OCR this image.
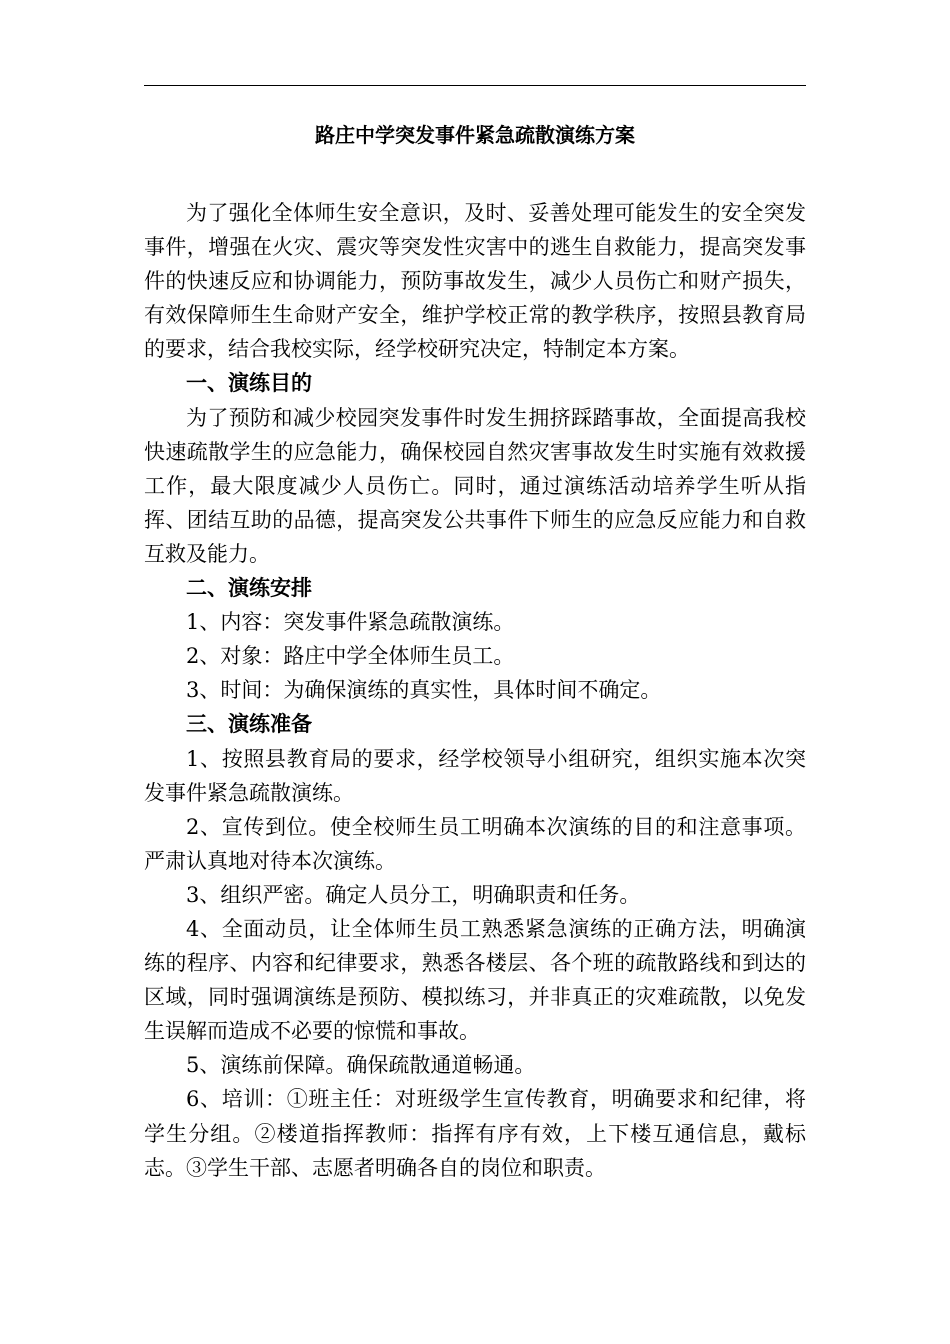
路庄中学突发事件紧急疏散演练方案

为了强化全体师生安全意识，及时、妥善处理可能发生的安全突发事件，增强在火灾、震灾等突发性灾害中的逃生自救能力，提高突发事件的快速反应和协调能力，预防事故发生，减少人员伤亡和财产损失，有效保障师生生命财产安全，维护学校正常的教学秩序，按照县教育局的要求，结合我校实际，经学校研究决定，特制定本方案。

一、演练目的

为了预防和减少校园突发事件时发生拥挤踩踏事故，全面提高我校快速疏散学生的应急能力，确保校园自然灾害事故发生时实施有效救援工作，最大限度减少人员伤亡。同时，通过演练活动培养学生听从指挥、团结互助的品德，提高突发公共事件下师生的应急反应能力和自救互救及能力。

二、演练安排

1、内容：突发事件紧急疏散演练。

2、对象：路庄中学全体师生员工。

3、时间：为确保演练的真实性，具体时间不确定。

三、演练准备

1、按照县教育局的要求，经学校领导小组研究，组织实施本次突发事件紧急疏散演练。

2、宣传到位。使全校师生员工明确本次演练的目的和注意事项。严肃认真地对待本次演练。

3、组织严密。确定人员分工，明确职责和任务。

4、全面动员，让全体师生员工熟悉紧急演练的正确方法，明确演练的程序、内容和纪律要求，熟悉各楼层、各个班的疏散路线和到达的区域，同时强调演练是预防、模拟练习，并非真正的灾难疏散，以免发生误解而造成不必要的惊慌和事故。

5、演练前保障。确保疏散通道畅通。

6、培训：①班主任：对班级学生宣传教育，明确要求和纪律，将学生分组。②楼道指挥教师：指挥有序有效，上下楼互通信息，戴标志。③学生干部、志愿者明确各自的岗位和职责。
